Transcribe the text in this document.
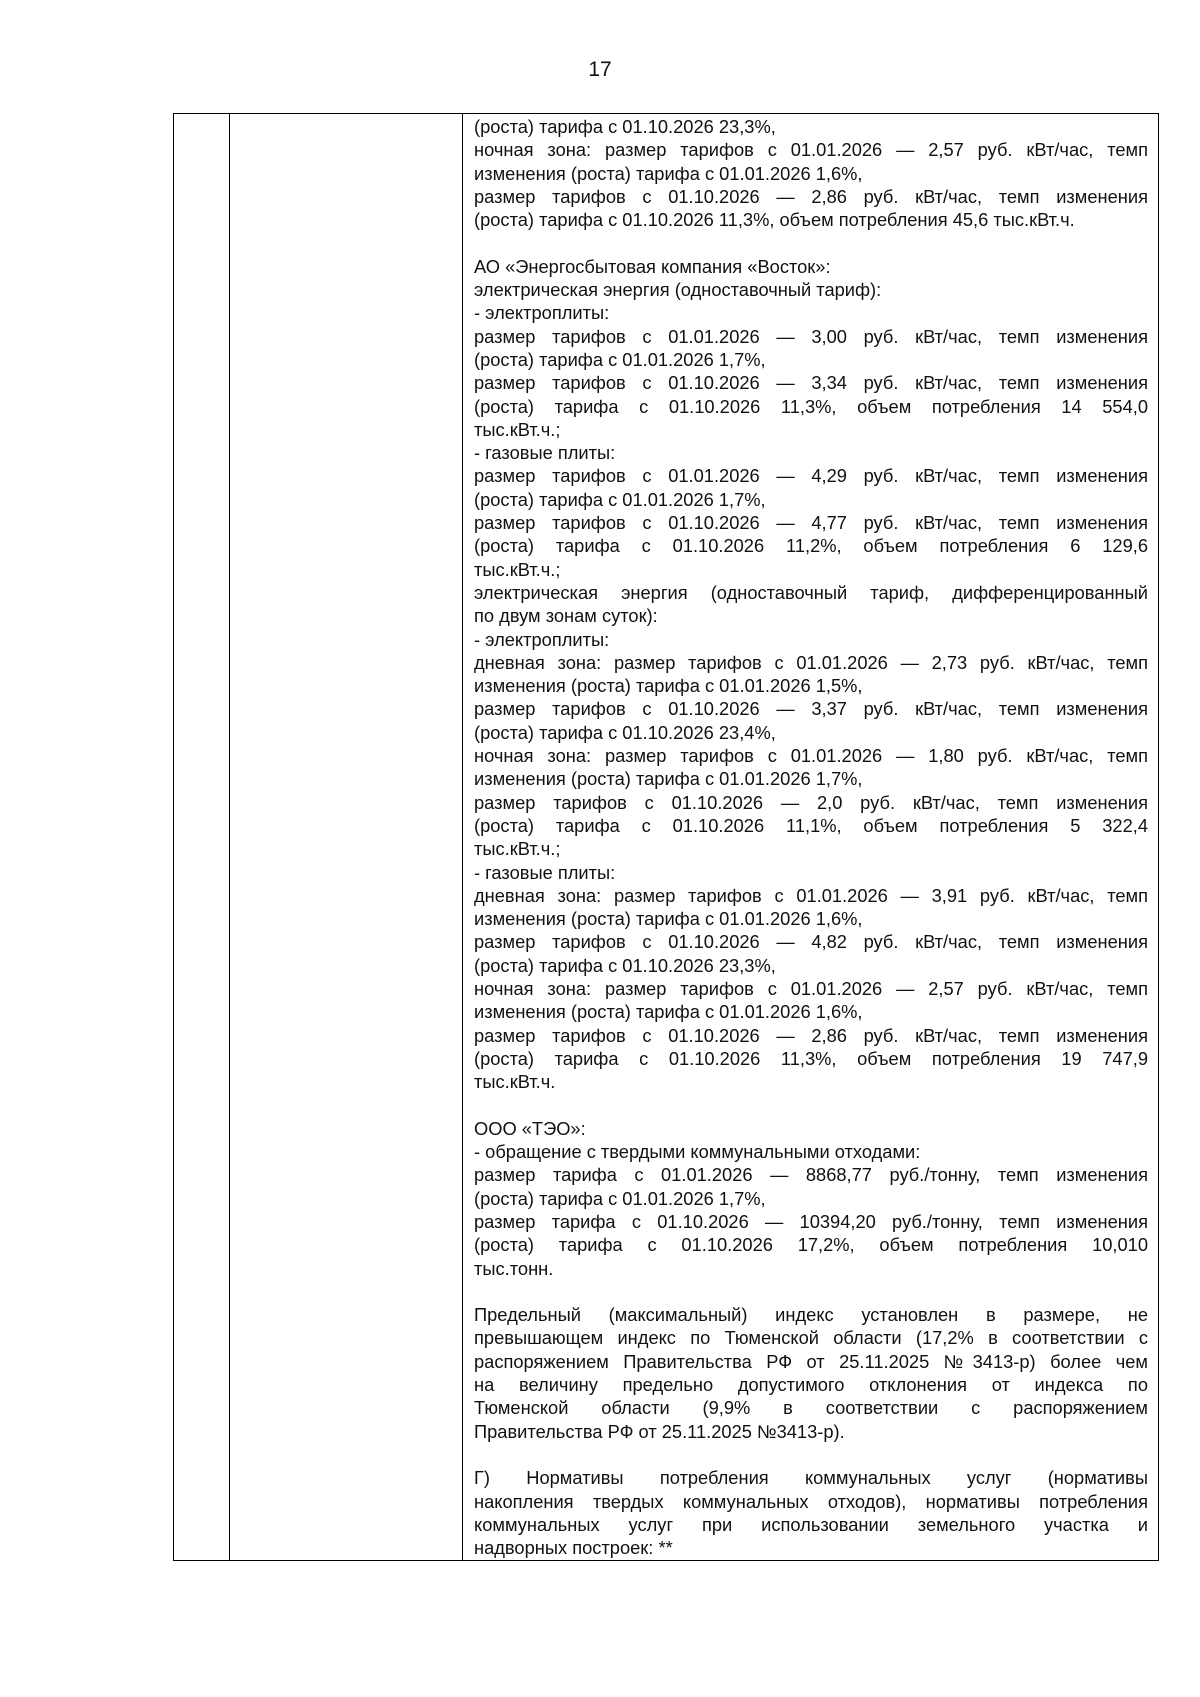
17
(роста) тарифа с 01.10.2026 23,3%,
ночная зона: размер тарифов с 01.01.2026 — 2,57 руб. кВт/час, темп
изменения (роста) тарифа с 01.01.2026 1,6%,
размер тарифов с 01.10.2026 — 2,86 руб. кВт/час, темп изменения
(роста) тарифа с 01.10.2026 11,3%, объем потребления 45,6 тыс.кВт.ч.
АО «Энергосбытовая компания «Восток»:
электрическая энергия (одноставочный тариф):
- электроплиты:
размер тарифов с 01.01.2026 — 3,00 руб. кВт/час, темп изменения
(роста) тарифа с 01.01.2026 1,7%,
размер тарифов с 01.10.2026 — 3,34 руб. кВт/час, темп изменения
(роста) тарифа с 01.10.2026 11,3%, объем потребления 14 554,0
тыс.кВт.ч.;
- газовые плиты:
размер тарифов с 01.01.2026 — 4,29 руб. кВт/час, темп изменения
(роста) тарифа с 01.01.2026 1,7%,
размер тарифов с 01.10.2026 — 4,77 руб. кВт/час, темп изменения
(роста) тарифа с 01.10.2026 11,2%, объем потребления 6 129,6
тыс.кВт.ч.;
электрическая энергия (одноставочный тариф, дифференцированный
по двум зонам суток):
- электроплиты:
дневная зона: размер тарифов с 01.01.2026 — 2,73 руб. кВт/час, темп
изменения (роста) тарифа с 01.01.2026 1,5%,
размер тарифов с 01.10.2026 — 3,37 руб. кВт/час, темп изменения
(роста) тарифа с 01.10.2026 23,4%,
ночная зона: размер тарифов с 01.01.2026 — 1,80 руб. кВт/час, темп
изменения (роста) тарифа с 01.01.2026 1,7%,
размер тарифов с 01.10.2026 — 2,0 руб. кВт/час, темп изменения
(роста) тарифа с 01.10.2026 11,1%, объем потребления 5 322,4
тыс.кВт.ч.;
- газовые плиты:
дневная зона: размер тарифов с 01.01.2026 — 3,91 руб. кВт/час, темп
изменения (роста) тарифа с 01.01.2026 1,6%,
размер тарифов с 01.10.2026 — 4,82 руб. кВт/час, темп изменения
(роста) тарифа с 01.10.2026 23,3%,
ночная зона: размер тарифов с 01.01.2026 — 2,57 руб. кВт/час, темп
изменения (роста) тарифа с 01.01.2026 1,6%,
размер тарифов с 01.10.2026 — 2,86 руб. кВт/час, темп изменения
(роста) тарифа с 01.10.2026 11,3%, объем потребления 19 747,9
тыс.кВт.ч.
ООО «ТЭО»:
- обращение с твердыми коммунальными отходами:
размер тарифа с 01.01.2026 — 8868,77 руб./тонну, темп изменения
(роста) тарифа с 01.01.2026 1,7%,
размер тарифа с 01.10.2026 — 10394,20 руб./тонну, темп изменения
(роста) тарифа с 01.10.2026 17,2%, объем потребления 10,010
тыс.тонн.
Предельный (максимальный) индекс установлен в размере, не
превышающем индекс по Тюменской области (17,2% в соответствии с
распоряжением Правительства РФ от 25.11.2025 №3413-р) более чем
на величину предельно допустимого отклонения от индекса по
Тюменской области (9,9% в соответствии с распоряжением
Правительства РФ от 25.11.2025 №3413-р).
Г) Нормативы потребления коммунальных услуг (нормативы
накопления твердых коммунальных отходов), нормативы потребления
коммунальных услуг при использовании земельного участка и
надворных построек: **
